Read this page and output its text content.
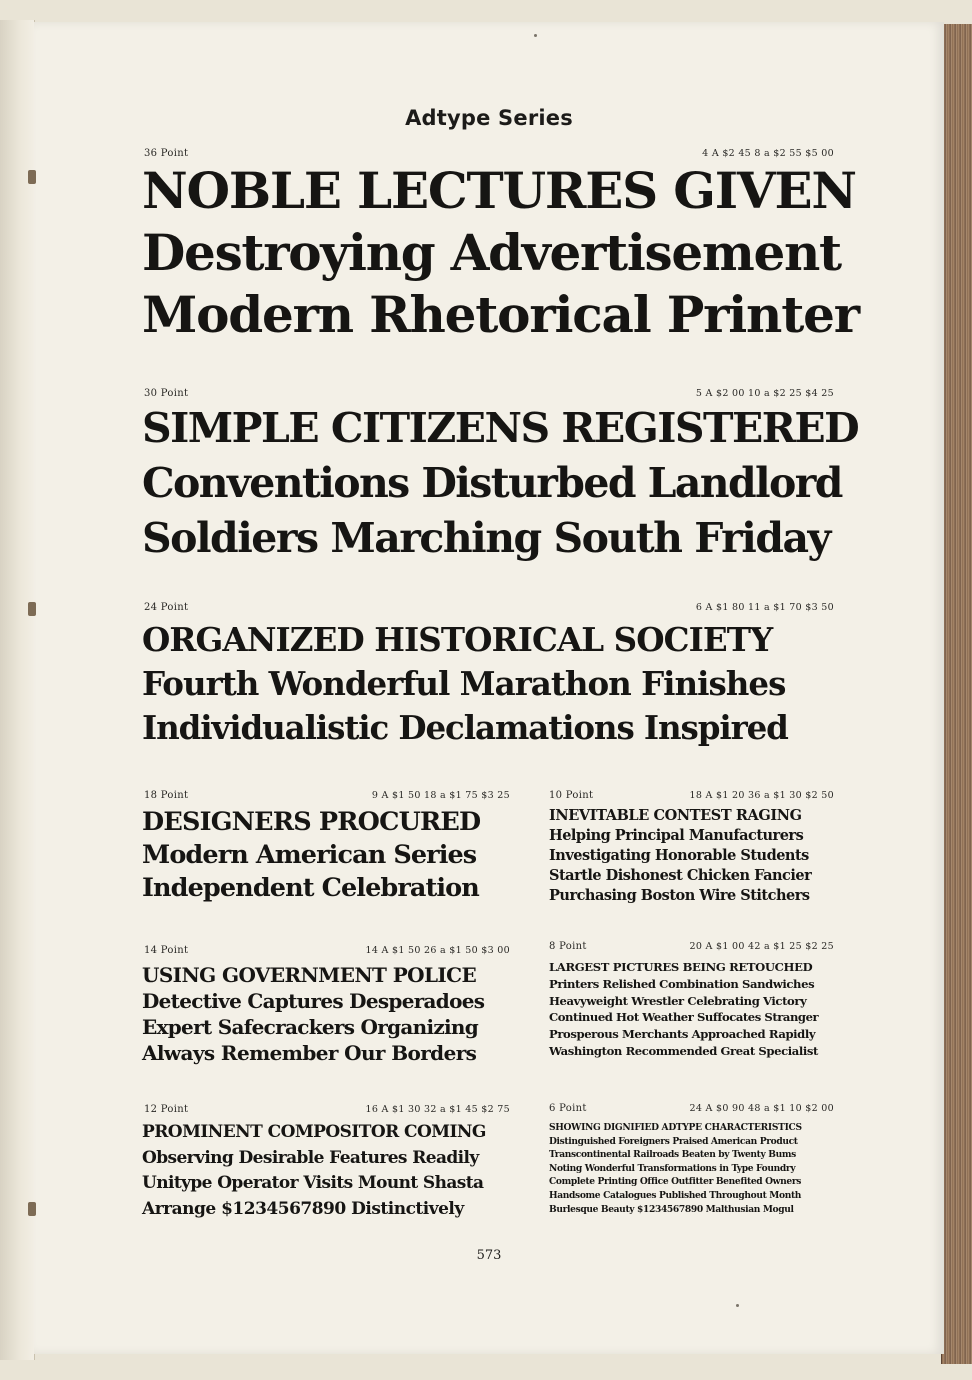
Adtype Series
36 Point	4 A $2 45 8 a $2 55 $5 00
NOBLE LECTURES GIVEN
Destroying Advertisement
Modern Rhetorical Printer
30 Point	5 A $2 00 10 a $2 25 $4 25
SIMPLE CITIZENS REGISTERED
Conventions Disturbed Landlord
Soldiers Marching South Friday
24 Point	6 A $1 80 11 a $1 70 $3 50
ORGANIZED HISTORICAL SOCIETY
Fourth Wonderful Marathon Finishes
Individualistic Declamations Inspired
18 Point	9 A $1 50 18 a $1 75 $3 25
DESIGNERS PROCURED
Modern American Series
Independent Celebration
10 Point	18 A $1 20 36 a $1 30 $2 50
INEVITABLE CONTEST RAGING
Helping Principal Manufacturers
Investigating Honorable Students
Startle Dishonest Chicken Fancier
Purchasing Boston Wire Stitchers
14 Point	14 A $1 50 26 a $1 50 $3 00
USING GOVERNMENT POLICE
Detective Captures Desperadoes
Expert Safecrackers Organizing
Always Remember Our Borders
8 Point	20 A $1 00 42 a $1 25 $2 25
LARGEST PICTURES BEING RETOUCHED
Printers Relished Combination Sandwiches
Heavyweight Wrestler Celebrating Victory
Continued Hot Weather Suffocates Stranger
Prosperous Merchants Approached Rapidly
Washington Recommended Great Specialist
12 Point	16 A $1 30 32 a $1 45 $2 75
PROMINENT COMPOSITOR COMING
Observing Desirable Features Readily
Unitype Operator Visits Mount Shasta
Arrange $1234567890 Distinctively
6 Point	24 A $0 90 48 a $1 10 $2 00
SHOWING DIGNIFIED ADTYPE CHARACTERISTICS
Distinguished Foreigners Praised American Product
Transcontinental Railroads Beaten by Twenty Bums
Noting Wonderful Transformations in Type Foundry
Complete Printing Office Outfitter Benefited Owners
Handsome Catalogues Published Throughout Month
Burlesque Beauty $1234567890 Malthusian Mogul
573
